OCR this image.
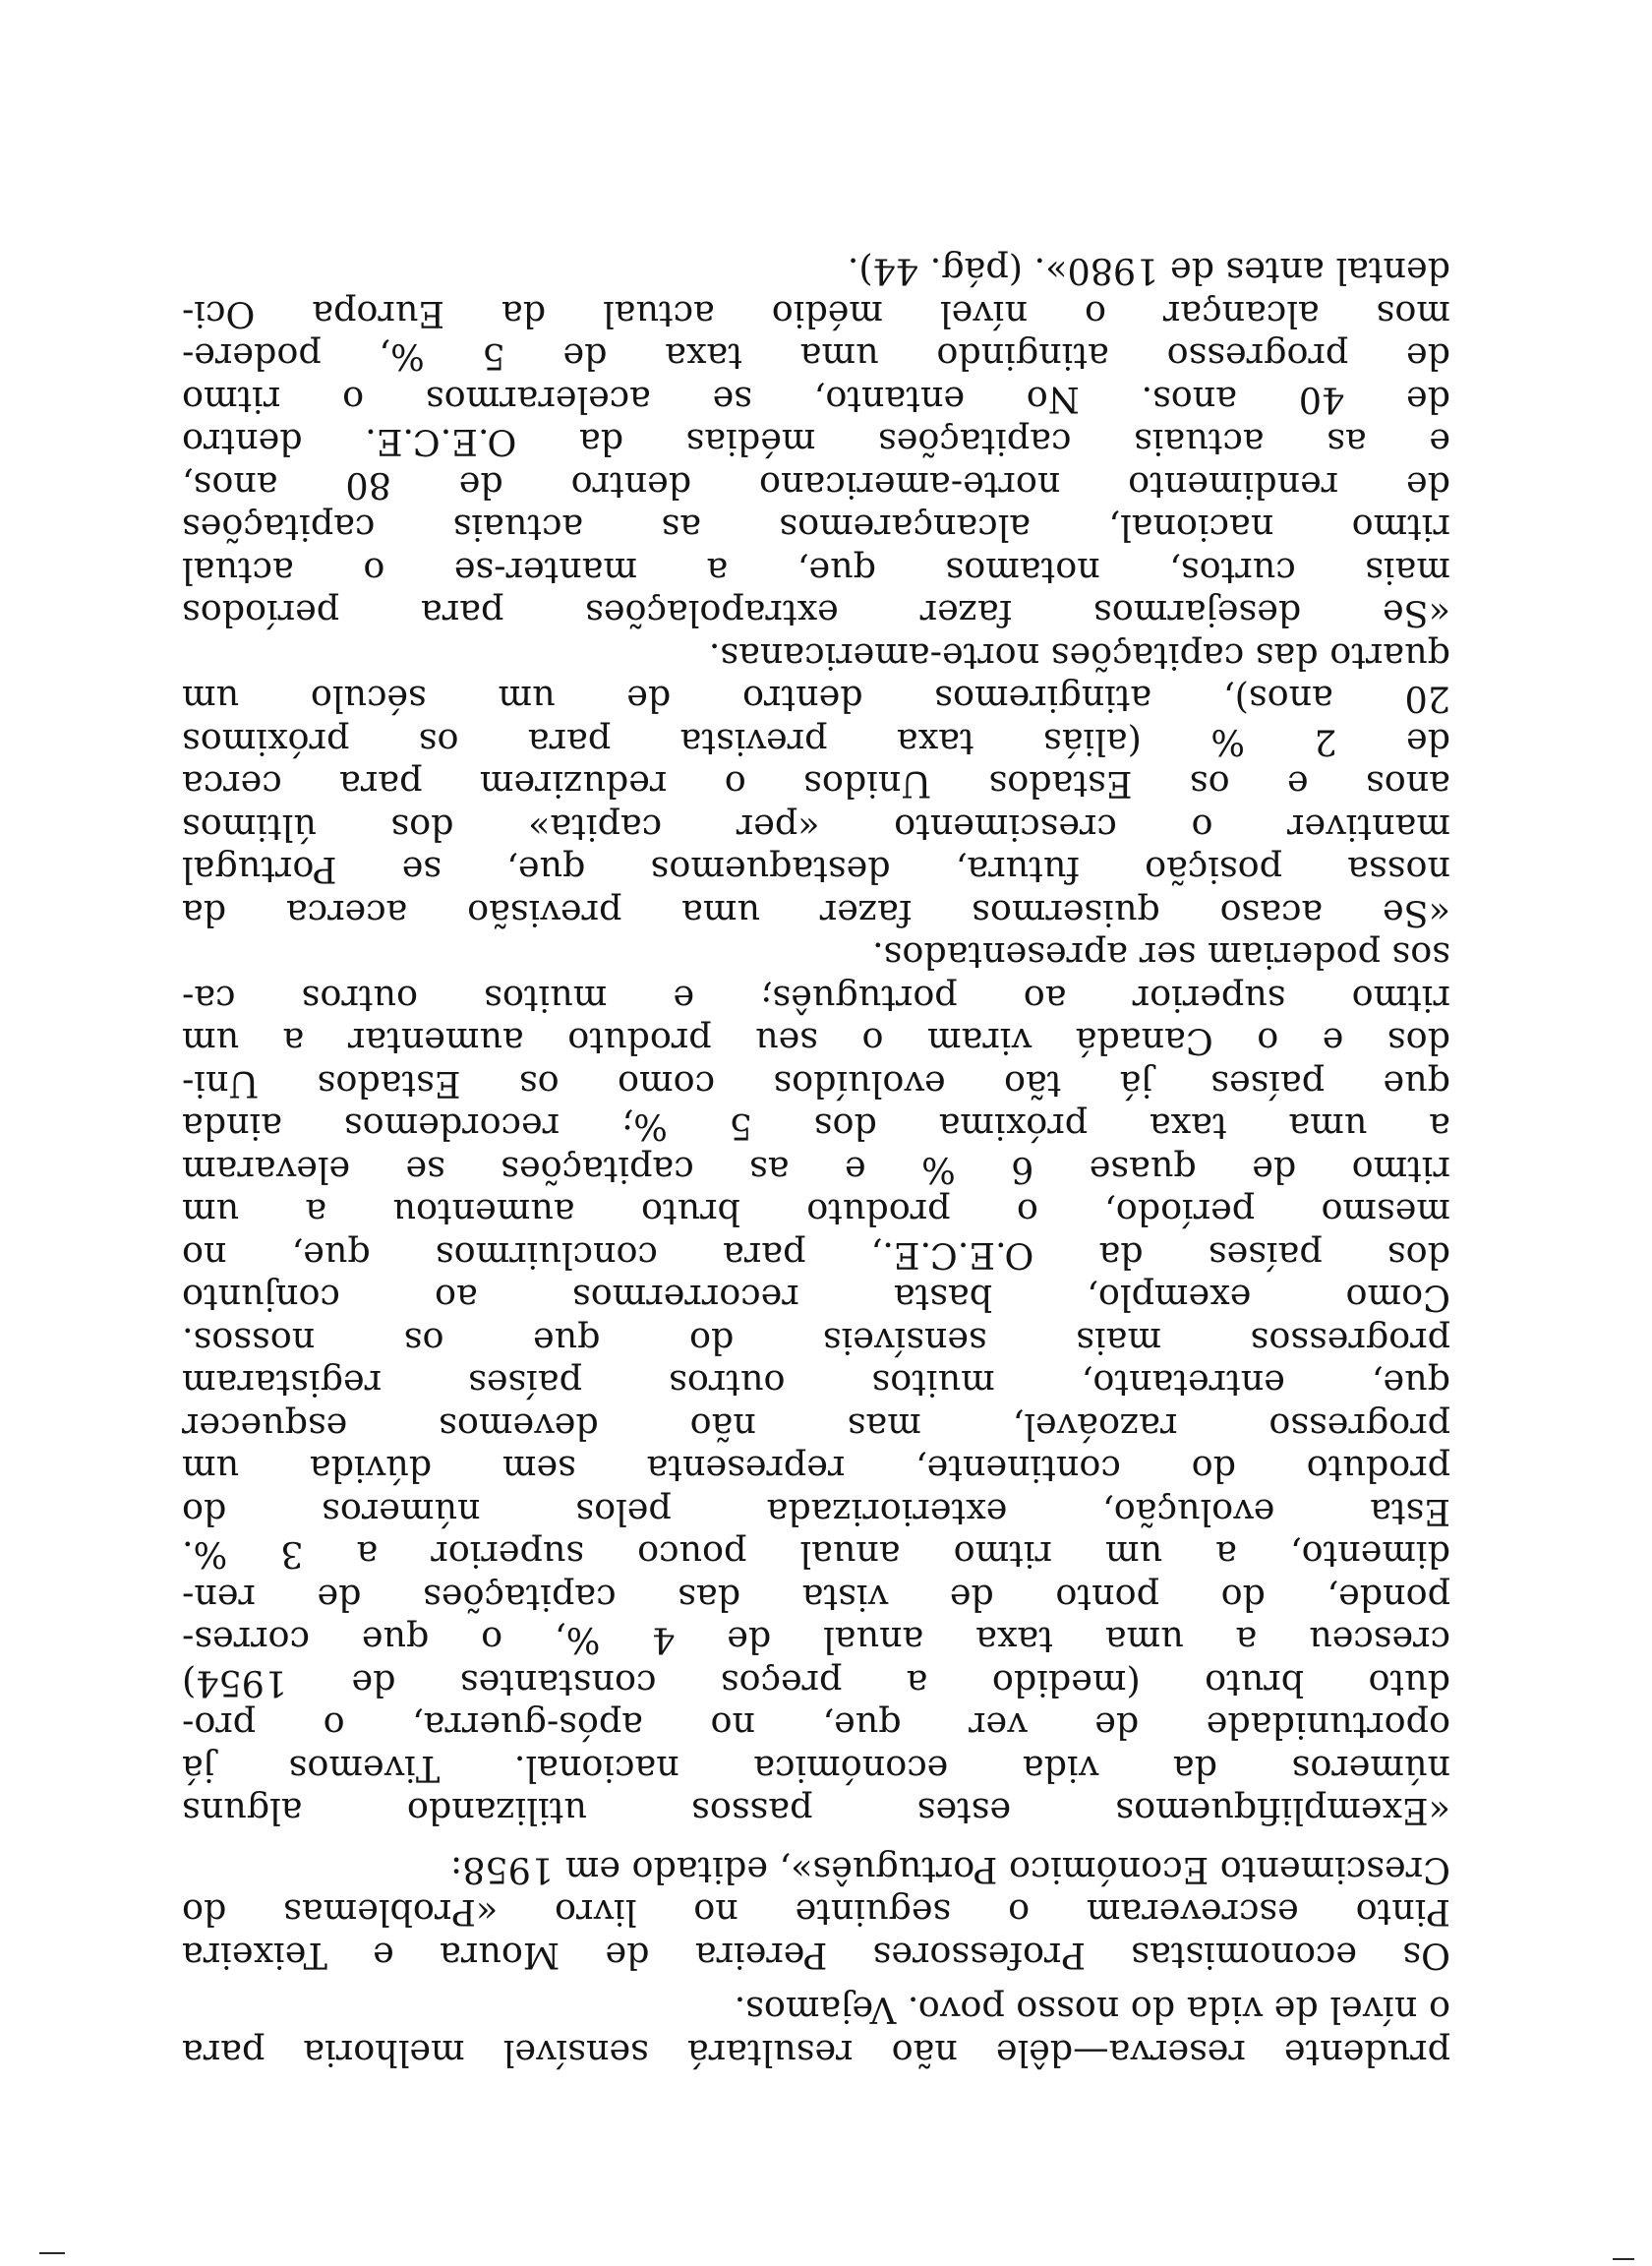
prudente reserva—dêle não resultará sensível melhoria para
o nível de vida do nosso povo. Vejamos.
Os economistas Professores Pereira de Moura e Teixeira
Pinto escreveram o seguinte no livro «Problemas do
Crescimento Económico Português», editado em 1958:
«Exemplifiquemos estes passos utilizando alguns
números da vida económica nacional. Tivemos já
oportunidade de ver que, no após-guerra, o pro-
duto bruto (medido a preços constantes de 1954)
cresceu a uma taxa anual de 4 %, o que corres-
ponde, do ponto de vista das capitações de ren-
dimento, a um ritmo anual pouco superior a 3 %.
Esta evolução, exteriorizada pelos números do
produto do continente, representa sem dúvida um
progresso razoável, mas não devemos esquecer
que, entretanto, muitos outros países registaram
progressos mais sensíveis do que os nossos.
Como exemplo, basta recorrermos ao conjunto
dos países da O.E.C.E., para concluirmos que, no
mesmo período, o produto bruto aumentou a um
ritmo de quase 6 % e as capitações se elevaram
a uma taxa próxima dos 5 %; recordemos ainda
que países já tão evoluídos como os Estados Uni-
dos e o Canadá viram o seu produto aumentar a um
ritmo superior ao português; e muitos outros ca-
sos poderiam ser apresentados.
«Se acaso quisermos fazer uma previsão acerca da
nossa posição futura, destaquemos que, se Portugal
mantiver o crescimento «per capita» dos últimos
anos e os Estados Unidos o reduzirem para cerca
de 2 % (aliás taxa prevista para os próximos
20 anos), atingiremos dentro de um século um
quarto das capitações norte-americanas.
«Se desejarmos fazer extrapolações para períodos
mais curtos, notamos que, a manter-se o actual
ritmo nacional, alcançaremos as actuais capitações
de rendimento norte-americano dentro de 80 anos,
e as actuais capitações médias da O.E.C.E. dentro
de 40 anos. No entanto, se acelerarmos o ritmo
de progresso atingindo uma taxa de 5 %, podere-
mos alcançar o nível médio actual da Europa Oci-
dental antes de 1980». (pág. 44).
